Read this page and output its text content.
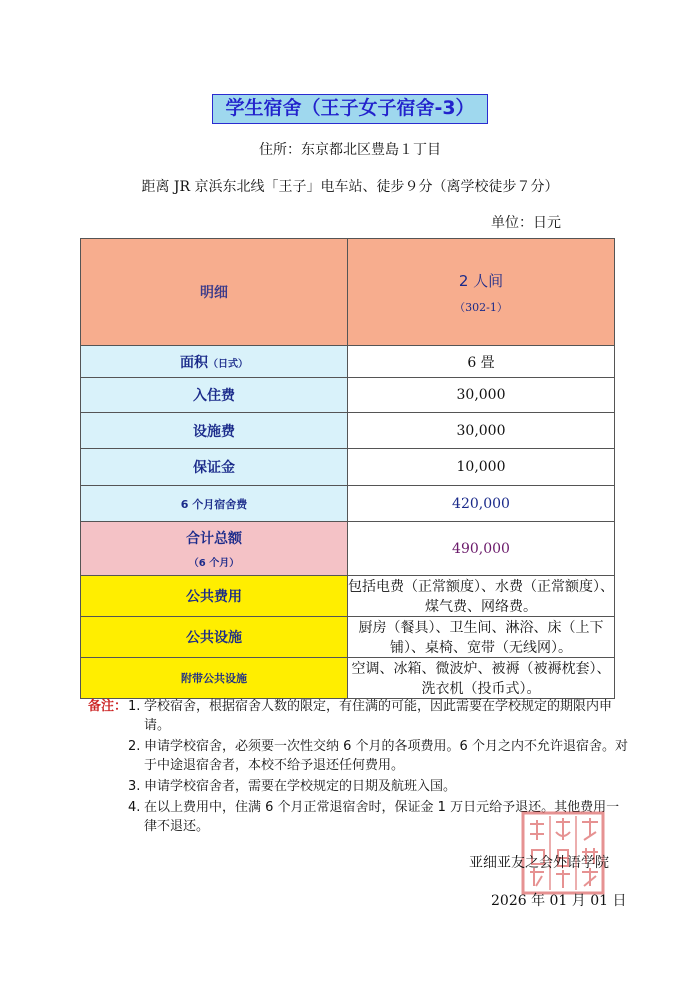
学生宿舍（王子女子宿舍-3）
住所：东京都北区豊島１丁目
距离 JR 京浜东北线「王子」电车站、徒步９分（离学校徒步７分）
单位：日元
明细	2 人间
（302-1）

面积（日式）	6 畳
入住费	30,000
设施费	30,000
保证金	10,000
6 个月宿舍费	420,000

合计总额
（6 个月）	490,000
公共费用	包括电费（正常额度）、水费（正常额度）、煤气费、网络费。
公共设施	厨房（餐具）、卫生间、淋浴、床（上下铺）、桌椅、宽带（无线网）。
附带公共设施	空调、冰箱、微波炉、被褥（被褥枕套）、洗衣机（投币式）。
备注： 1. 学校宿舍，根据宿舍人数的限定，有住满的可能，因此需要在学校规定的期限内申请。
2. 申请学校宿舍，必须要一次性交纳 6 个月的各项费用。6 个月之内不允许退宿舍。对于中途退宿舍者，本校不给予退还任何费用。
3. 申请学校宿舍者，需要在学校规定的日期及航班入国。
4. 在以上费用中，住满 6 个月正常退宿舍时，保证金 1 万日元给予退还。其他费用一律不退还。
亚细亚友之会外语学院
2026 年 01 月 01 日
